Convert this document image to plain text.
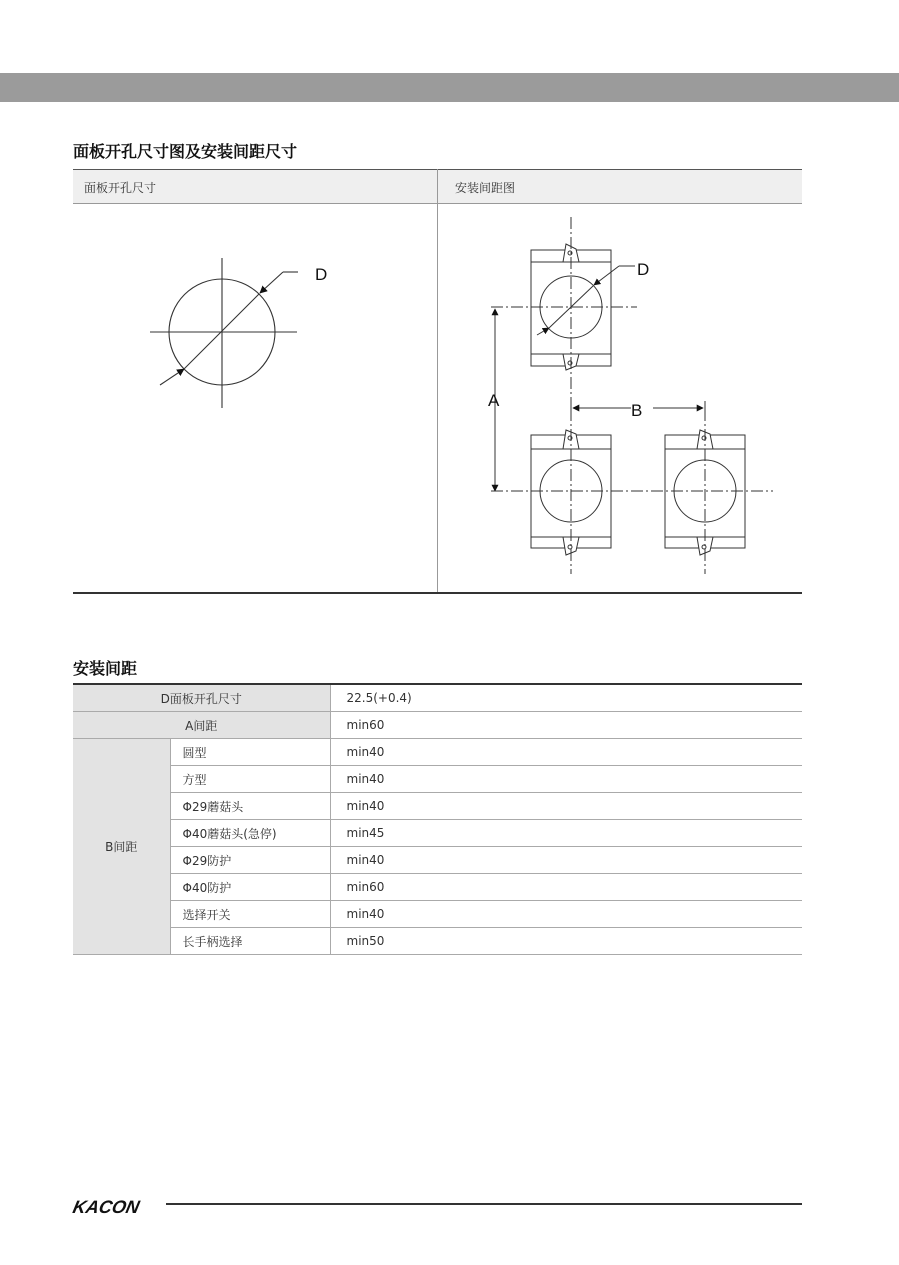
面板开孔尺寸图及安装间距尺寸
面板开孔尺寸	安装间距图
D	D
A
B
安装间距
D面板开孔尺寸		22.5(+0.4)
A间距		min60
B间距	圆型	min40
	方型	min40
	Φ29蘑菇头	min40
	Φ40蘑菇头(急停)	min45
	Φ29防护	min40
	Φ40防护	min60
	选择开关	min40
	长手柄选择	min50
KACON
